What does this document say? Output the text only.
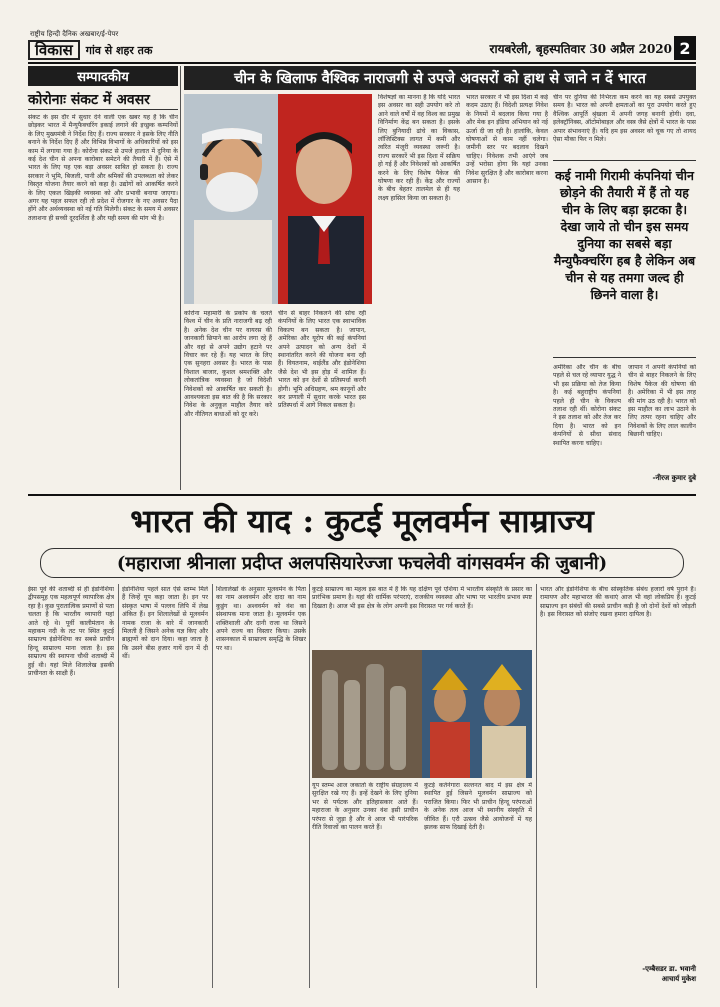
राष्ट्रीय हिन्दी दैनिक अखबार/ई-पेपर
विकास	गांव से शहर तक	रायबरेली, बृहस्पतिवार 30 अप्रैल 2020 2
सम्पादकीय
कोरोनाः संकट में अवसर
संकट के इस दौर में सुधार देने वाली एक खबर यह है कि चीन छोड़कर भारत में मैन्युफैक्चरिंग इकाई लगाने की इच्छुक कम्पनियों के लिए मुख्यमंत्री ने निर्देश दिए हैं। राज्य सरकार ने इसके लिए नीति बनाने के निर्देश दिए हैं और विभिन्न विभागों के अधिकारियों को इस काम में लगाया गया है। कोरोना संकट से उपजे हालात में दुनिया के कई देश चीन से अपना कारोबार समेटने की तैयारी में हैं। ऐसे में भारत के लिए यह एक बड़ा अवसर साबित हो सकता है। राज्य सरकार ने भूमि, बिजली, पानी और श्रमिकों की उपलब्धता को लेकर विस्तृत योजना तैयार करने को कहा है। उद्योगों को आकर्षित करने के लिए एकल खिड़की व्यवस्था को और प्रभावी बनाया जाएगा। अगर यह पहल सफल रही तो प्रदेश में रोजगार के नए अवसर पैदा होंगे और अर्थव्यवस्था को नई गति मिलेगी। संकट के समय में अवसर तलाशना ही सच्ची दूरदर्शिता है और यही समय की मांग भी है।
चीन के खिलाफ वैश्विक नाराजगी से उपजे अवसरों को हाथ से जाने न दें भारत
कोरोना महामारी के प्रकोप के चलते विश्व में चीन के प्रति नाराजगी बढ़ रही है। अनेक देश चीन पर वायरस की जानकारी छिपाने का आरोप लगा रहे हैं और वहां से अपने उद्योग हटाने पर विचार कर रहे हैं। यह भारत के लिए एक सुनहरा अवसर है। भारत के पास विशाल बाजार, कुशल श्रमशक्ति और लोकतांत्रिक व्यवस्था है जो विदेशी निवेशकों को आकर्षित कर सकती है। आवश्यकता इस बात की है कि सरकार निवेश के अनुकूल माहौल तैयार करे और नीतिगत बाधाओं को दूर करे।
चीन से बाहर निकलने की सोच रही कंपनियों के लिए भारत एक स्वाभाविक विकल्प बन सकता है। जापान, अमेरिका और यूरोप की कई कंपनियां अपने उत्पादन को अन्य देशों में स्थानांतरित करने की योजना बना रही हैं। वियतनाम, थाईलैंड और इंडोनेशिया जैसे देश भी इस होड़ में शामिल हैं। भारत को इन देशों से प्रतिस्पर्धा करनी होगी। भूमि अधिग्रहण, श्रम कानूनों और कर प्रणाली में सुधार करके भारत इस प्रतिस्पर्धा में आगे निकल सकता है।
विशेषज्ञों का मानना है कि यदि भारत इस अवसर का सही उपयोग करे तो आने वाले वर्षों में वह विश्व का प्रमुख विनिर्माण केंद्र बन सकता है। इसके लिए बुनियादी ढांचे का विकास, लॉजिस्टिक्स लागत में कमी और त्वरित मंजूरी व्यवस्था जरूरी है। राज्य सरकारें भी इस दिशा में सक्रिय हो गई हैं और निवेशकों को आकर्षित करने के लिए विशेष पैकेज की घोषणा कर रही हैं। केंद्र और राज्यों के बीच बेहतर तालमेल से ही यह लक्ष्य हासिल किया जा सकता है।
भारत सरकार ने भी इस दिशा में कई कदम उठाए हैं। विदेशी प्रत्यक्ष निवेश के नियमों में बदलाव किया गया है और मेक इन इंडिया अभियान को नई ऊर्जा दी जा रही है। हालांकि, केवल घोषणाओं से काम नहीं चलेगा। जमीनी स्तर पर बदलाव दिखने चाहिए। निवेशक तभी आएंगे जब उन्हें भरोसा होगा कि यहां उनका निवेश सुरक्षित है और कारोबार करना आसान है।
चीन पर दुनिया की निर्भरता कम करने का यह सबसे उपयुक्त समय है। भारत को अपनी क्षमताओं का पूरा उपयोग करते हुए वैश्विक आपूर्ति श्रृंखला में अपनी जगह बनानी होगी। दवा, इलेक्ट्रॉनिक्स, ऑटोमोबाइल और वस्त्र जैसे क्षेत्रों में भारत के पास अपार संभावनाएं हैं। यदि हम इस अवसर को चूक गए तो शायद ऐसा मौका फिर न मिले।
कई नामी गिरामी कंपनियां चीन छोड़ने की तैयारी में हैं तो यह चीन के लिए बड़ा झटका है। देखा जाये तो चीन इस समय दुनिया का सबसे बड़ा मैन्युफैक्चरिंग हब है लेकिन अब चीन से यह तमगा जल्द ही छिनने वाला है।
अमेरिका और चीन के बीच पहले से चल रहे व्यापार युद्ध ने भी इस प्रक्रिया को तेज किया है। कई बहुराष्ट्रीय कंपनियां पहले ही चीन के विकल्प तलाश रही थीं। कोरोना संकट ने इस तलाश को और तेज कर दिया है। भारत को इन कंपनियों से सीधा संवाद स्थापित करना चाहिए।
जापान ने अपनी कंपनियों को चीन से बाहर निकलने के लिए विशेष पैकेज की घोषणा की है। अमेरिका में भी इस तरह की मांग उठ रही है। भारत को इस माहौल का लाभ उठाने के लिए तत्पर रहना चाहिए और निवेशकों के लिए लाल कालीन बिछानी चाहिए।
-नीरज कुमार दुबे
भारत की याद : कुटई मूलवर्मन साम्राज्य
(महाराजा श्रीनाला प्रदीप्त अलपसियारेज्जा फचलेवी वांगसवर्मन की जुबानी)
ईसा पूर्व की शताब्दी से ही इंडोनेशिया द्वीपसमूह एक महत्वपूर्ण व्यापारिक क्षेत्र रहा है। कुछ पुरातात्विक प्रमाणों से पता चलता है कि भारतीय व्यापारी यहां आते रहे थे। पूर्वी कालीमंतान के महाकम नदी के तट पर स्थित कुटई साम्राज्य इंडोनेशिया का सबसे प्राचीन हिन्दू साम्राज्य माना जाता है। इस साम्राज्य की स्थापना चौथी शताब्दी में हुई थी। यहां मिले शिलालेख इसकी प्राचीनता के साक्षी हैं।
इंडोनेशिया पहले सात ऐसे स्तम्भ मिले हैं जिन्हें यूप कहा जाता है। इन पर संस्कृत भाषा में पल्लव लिपि में लेख अंकित हैं। इन शिलालेखों से मूलवर्मन नामक राजा के बारे में जानकारी मिलती है जिसने अनेक यज्ञ किए और ब्राह्मणों को दान दिया। कहा जाता है कि उसने बीस हजार गायें दान में दी थीं।
शिलालेखों के अनुसार मूलवर्मन के पिता का नाम अश्ववर्मन और दादा का नाम कुडुंग था। अश्ववर्मन को वंश का संस्थापक माना जाता है। मूलवर्मन एक शक्तिशाली और दानी राजा था जिसने अपने राज्य का विस्तार किया। उसके शासनकाल में साम्राज्य समृद्धि के शिखर पर था।
कुटई साम्राज्य का महत्व इस बात में है कि यह दक्षिण पूर्व एशिया में भारतीय संस्कृति के प्रसार का प्रारंभिक प्रमाण है। यहां की धार्मिक परंपराएं, राजकीय व्यवस्था और भाषा पर भारतीय प्रभाव स्पष्ट दिखता है। आज भी इस क्षेत्र के लोग अपनी इस विरासत पर गर्व करते हैं।
यूप स्तम्भ आज जकार्ता के राष्ट्रीय संग्रहालय में सुरक्षित रखे गए हैं। इन्हें देखने के लिए दुनिया भर से पर्यटक और इतिहासकार आते हैं। महाराजा के अनुसार उनका वंश इसी प्राचीन परंपरा से जुड़ा है और वे आज भी पारंपरिक रीति रिवाजों का पालन करते हैं।
कुटई कर्तनेगारा सल्तनत बाद में इस क्षेत्र में स्थापित हुई जिसने मूलवर्मन साम्राज्य को पराजित किया। फिर भी प्राचीन हिन्दू परंपराओं के अनेक तत्व आज भी स्थानीय संस्कृति में जीवित हैं। एरौ उत्सव जैसे आयोजनों में यह झलक साफ दिखाई देती है।
भारत और इंडोनेशिया के बीच सांस्कृतिक संबंध हजारों वर्ष पुराने हैं। रामायण और महाभारत की कथाएं आज भी वहां लोकप्रिय हैं। कुटई साम्राज्य इन संबंधों की सबसे प्राचीन कड़ी है जो दोनों देशों को जोड़ती है। इस विरासत को संजोए रखना हमारा दायित्व है।
-एम्बैसडर डा. भवानी
आचार्य मुकेश
